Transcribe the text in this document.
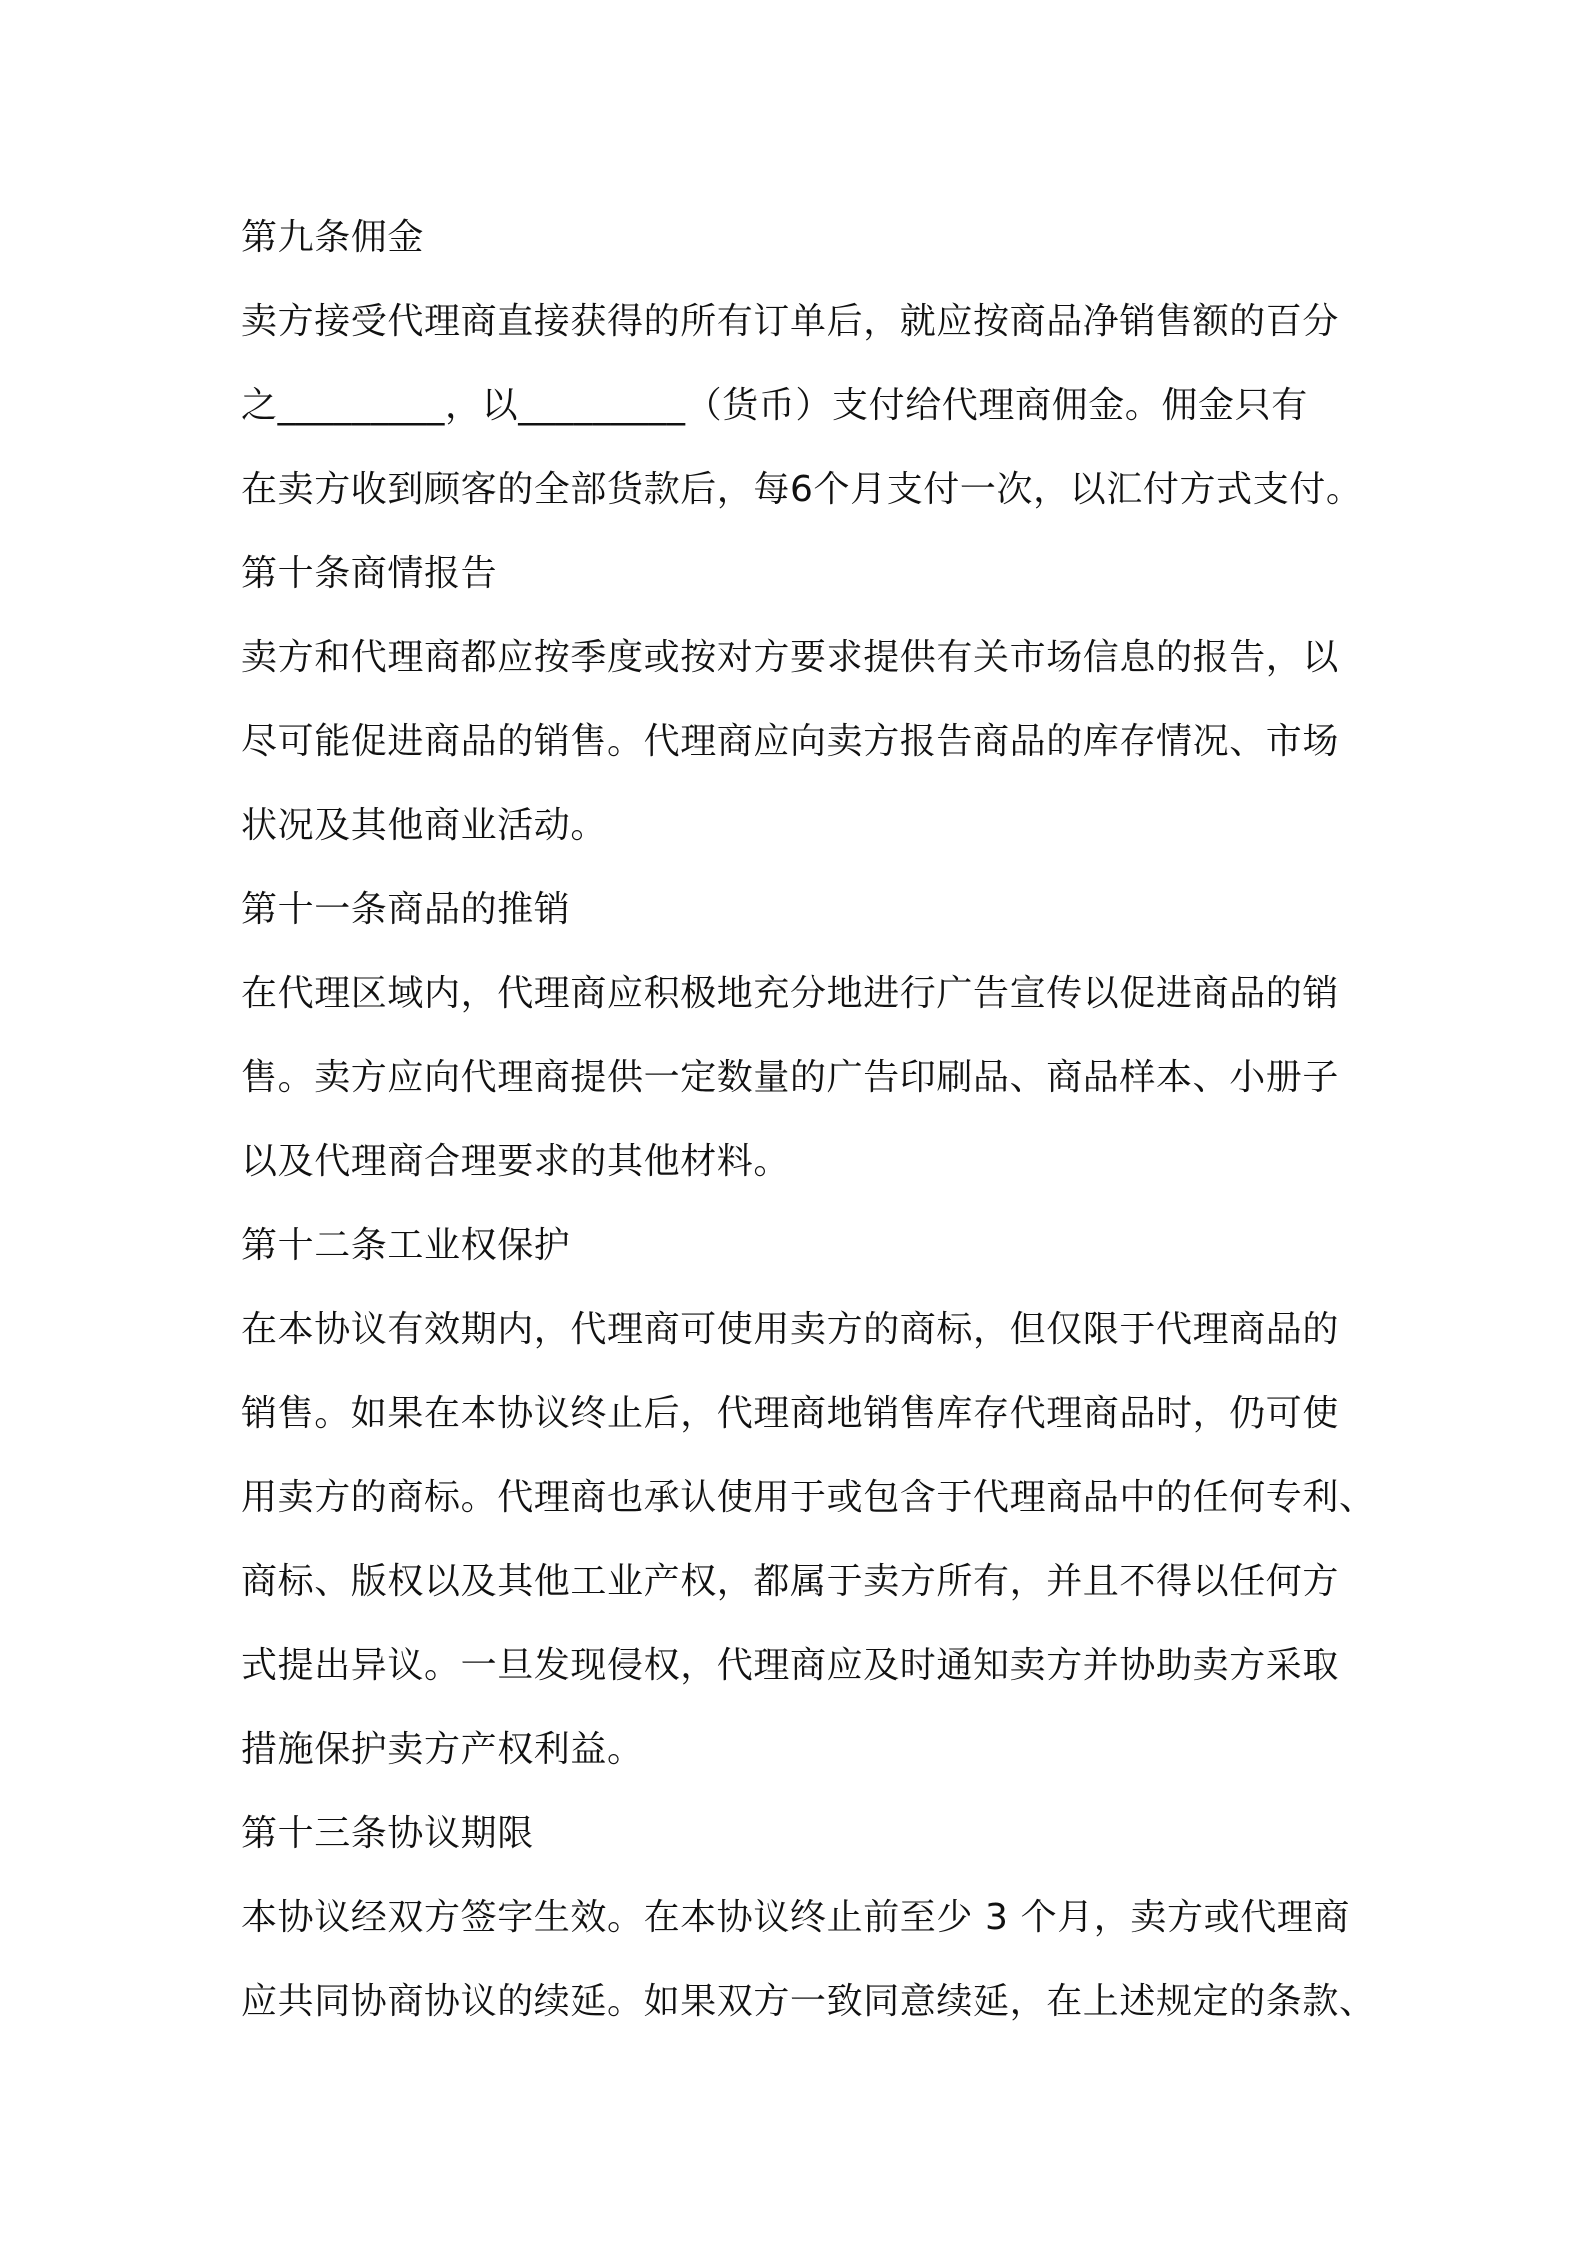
第九条佣金
卖方接受代理商直接获得的所有订单后，就应按商品净销售额的百分
之_________，以_________（货币）支付给代理商佣金。佣金只有
在卖方收到顾客的全部货款后，每6个月支付一次，以汇付方式支付。
第十条商情报告
卖方和代理商都应按季度或按对方要求提供有关市场信息的报告，以
尽可能促进商品的销售。代理商应向卖方报告商品的库存情况、市场
状况及其他商业活动。
第十一条商品的推销
在代理区域内，代理商应积极地充分地进行广告宣传以促进商品的销
售。卖方应向代理商提供一定数量的广告印刷品、商品样本、小册子
以及代理商合理要求的其他材料。
第十二条工业权保护
在本协议有效期内，代理商可使用卖方的商标，但仅限于代理商品的
销售。如果在本协议终止后，代理商地销售库存代理商品时，仍可使
用卖方的商标。代理商也承认使用于或包含于代理商品中的任何专利、
商标、版权以及其他工业产权，都属于卖方所有，并且不得以任何方
式提出异议。一旦发现侵权，代理商应及时通知卖方并协助卖方采取
措施保护卖方产权利益。
第十三条协议期限
本协议经双方签字生效。在本协议终止前至少 3 个月，卖方或代理商
应共同协商协议的续延。如果双方一致同意续延，在上述规定的条款、
